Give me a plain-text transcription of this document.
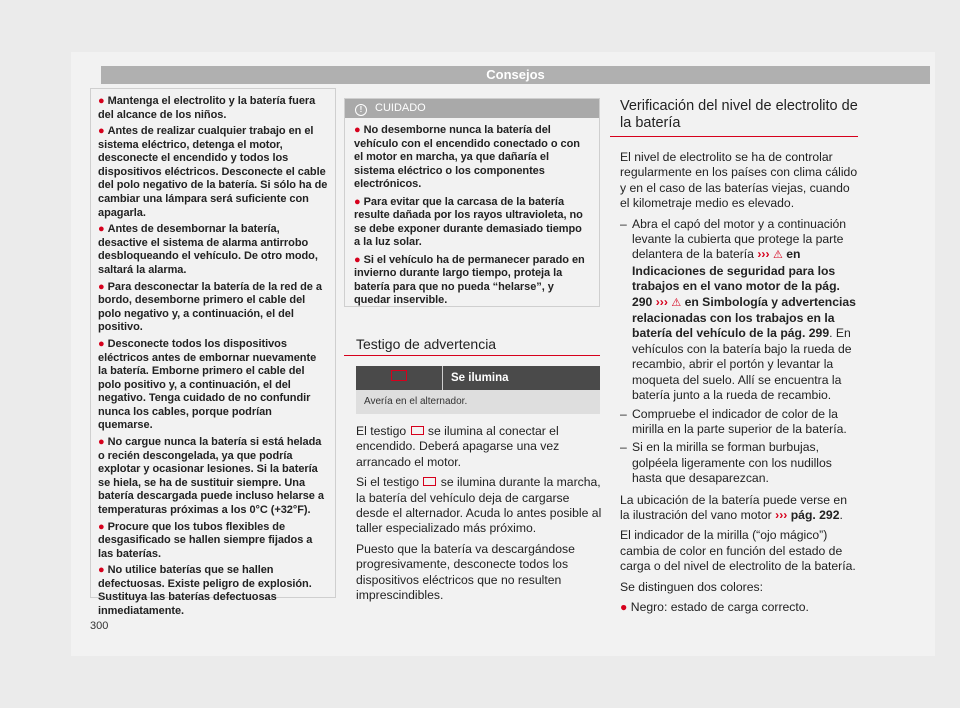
Consejos
● Mantenga el electrolito y la batería fuera del alcance de los niños.
● Antes de realizar cualquier trabajo en el sistema eléctrico, detenga el motor, desconecte el encendido y todos los dispositivos eléctricos. Desconecte el cable del polo negativo de la batería. Si sólo ha de cambiar una lámpara será suficiente con apagarla.
● Antes de desembornar la batería, desactive el sistema de alarma antirrobo desbloqueando el vehículo. De otro modo, saltará la alarma.
● Para desconectar la batería de la red de a bordo, desemborne primero el cable del polo negativo y, a continuación, el del positivo.
● Desconecte todos los dispositivos eléctricos antes de embornar nuevamente la batería. Emborne primero el cable del polo positivo y, a continuación, el del negativo. Tenga cuidado de no confundir nunca los cables, porque podrían quemarse.
● No cargue nunca la batería si está helada o recién descongelada, ya que podría explotar y ocasionar lesiones. Si la batería se hiela, se ha de sustituir siempre. Una batería descargada puede incluso helarse a temperaturas próximas a los 0°C (+32°F).
● Procure que los tubos flexibles de desgasificado se hallen siempre fijados a las baterías.
● No utilice baterías que se hallen defectuosas. Existe peligro de explosión. Sustituya las baterías defectuosas inmediatamente.
! CUIDADO
● No desemborne nunca la batería del vehículo con el encendido conectado o con el motor en marcha, ya que dañaría el sistema eléctrico o los componentes electrónicos.
● Para evitar que la carcasa de la batería resulte dañada por los rayos ultravioleta, no se debe exponer durante demasiado tiempo a la luz solar.
● Si el vehículo ha de permanecer parado en invierno durante largo tiempo, proteja la batería para que no pueda “helarse”, y quedar inservible.
Testigo de advertencia
Se ilumina
Avería en el alternador.

El testigo se ilumina al conectar el encendido. Deberá apagarse una vez arrancado el motor.

Si el testigo se ilumina durante la marcha, la batería del vehículo deja de cargarse desde el alternador. Acuda lo antes posible al taller especializado más próximo.

Puesto que la batería va descargándose progresivamente, desconecte todos los dispositivos eléctricos que no resulten imprescindibles.

Verificación del nivel de electrolito de la batería

El nivel de electrolito se ha de controlar regularmente en los países con clima cálido y en el caso de las baterías viejas, cuando el kilometraje medio es elevado.

– Abra el capó del motor y a continuación levante la cubierta que protege la parte delantera de la batería ››› ⚠ en Indicaciones de seguridad para los trabajos en el vano motor de la pág. 290 ››› ⚠ en Simbología y advertencias relacionadas con los trabajos en la batería del vehículo de la pág. 299. En vehículos con la batería bajo la rueda de recambio, abrir el portón y levantar la moqueta del suelo. Allí se encuentra la batería junto a la rueda de recambio.
– Compruebe el indicador de color de la mirilla en la parte superior de la batería.
– Si en la mirilla se forman burbujas, golpéela ligeramente con los nudillos hasta que desaparezcan.

La ubicación de la batería puede verse en la ilustración del vano motor ››› pág. 292.

El indicador de la mirilla (“ojo mágico”) cambia de color en función del estado de carga o del nivel de electrolito de la batería.

Se distinguen dos colores:

● Negro: estado de carga correcto.

300
